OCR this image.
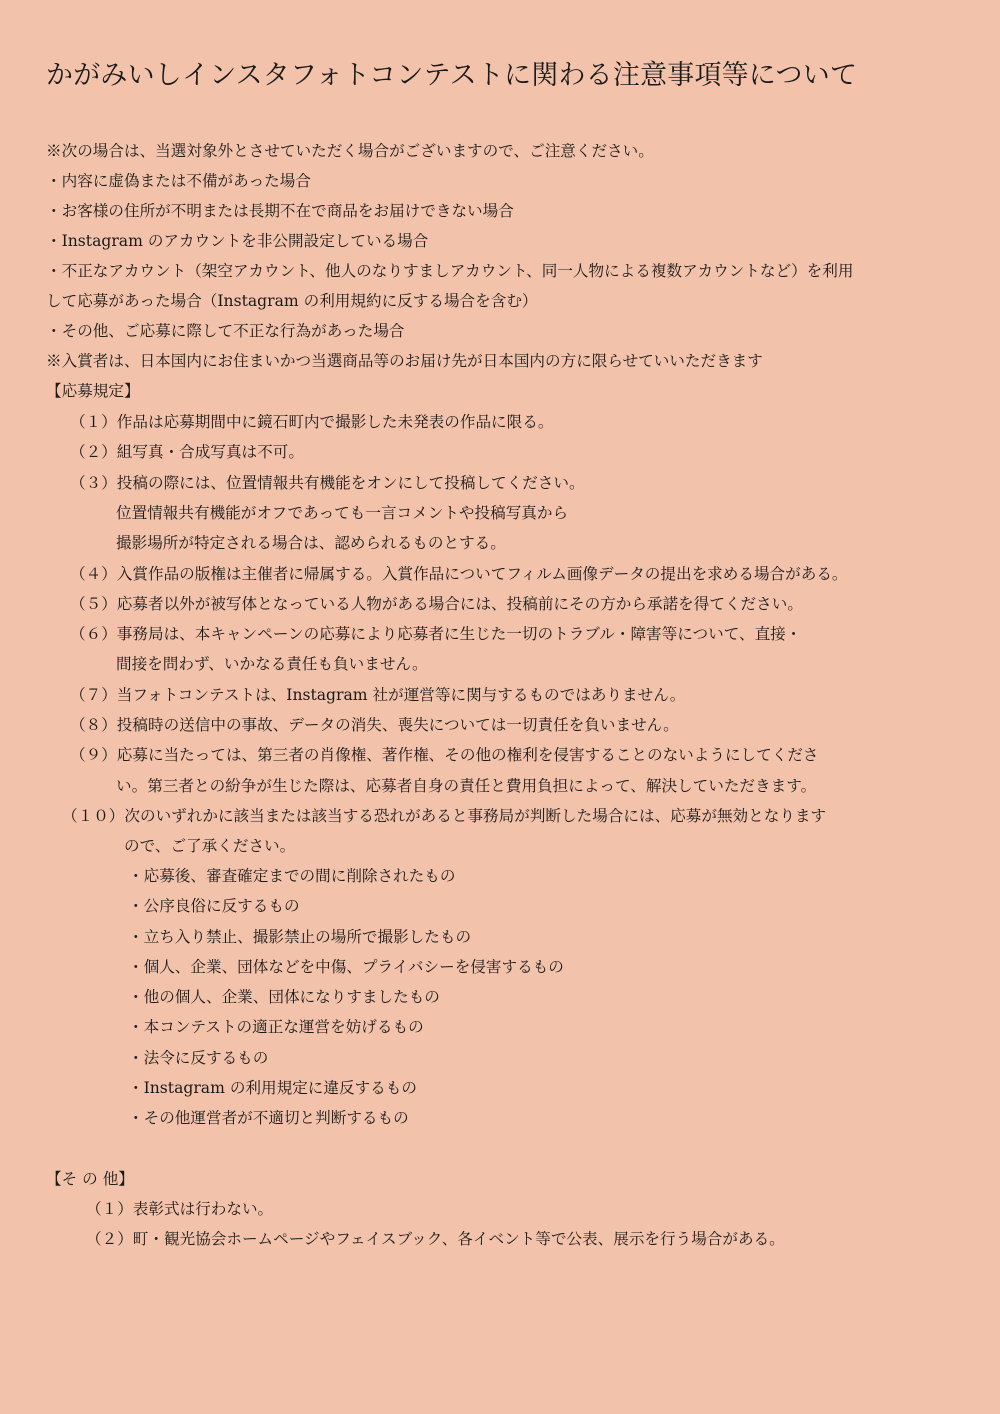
かがみいしインスタフォトコンテストに関わる注意事項等について
※次の場合は、当選対象外とさせていただく場合がございますので、ご注意ください。
・内容に虚偽または不備があった場合
・お客様の住所が不明または長期不在で商品をお届けできない場合
・Instagram のアカウントを非公開設定している場合
・不正なアカウント（架空アカウント、他人のなりすましアカウント、同一人物による複数アカウントなど）を利用
して応募があった場合（Instagram の利用規約に反する場合を含む）
・その他、ご応募に際して不正な行為があった場合
※入賞者は、日本国内にお住まいかつ当選商品等のお届け先が日本国内の方に限らせていいただきます
【応募規定】
（１）作品は応募期間中に鏡石町内で撮影した未発表の作品に限る。
（２）組写真・合成写真は不可。
（３）投稿の際には、位置情報共有機能をオンにして投稿してください。
位置情報共有機能がオフであっても一言コメントや投稿写真から
撮影場所が特定される場合は、認められるものとする。
（４）入賞作品の版権は主催者に帰属する。入賞作品についてフィルム画像データの提出を求める場合がある。
（５）応募者以外が被写体となっている人物がある場合には、投稿前にその方から承諾を得てください。
（６）事務局は、本キャンペーンの応募により応募者に生じた一切のトラブル・障害等について、直接・
間接を問わず、いかなる責任も負いません。
（７）当フォトコンテストは、Instagram 社が運営等に関与するものではありません。
（８）投稿時の送信中の事故、データの消失、喪失については一切責任を負いません。
（９）応募に当たっては、第三者の肖像権、著作権、その他の権利を侵害することのないようにしてくださ
い。第三者との紛争が生じた際は、応募者自身の責任と費用負担によって、解決していただきます。
（１０）次のいずれかに該当または該当する恐れがあると事務局が判断した場合には、応募が無効となります
ので、ご了承ください。
・応募後、審査確定までの間に削除されたもの
・公序良俗に反するもの
・立ち入り禁止、撮影禁止の場所で撮影したもの
・個人、企業、団体などを中傷、プライバシーを侵害するもの
・他の個人、企業、団体になりすましたもの
・本コンテストの適正な運営を妨げるもの
・法令に反するもの
・Instagram の利用規定に違反するもの
・その他運営者が不適切と判断するもの
【そ の 他】
（１）表彰式は行わない。
（２）町・観光協会ホームページやフェイスブック、各イベント等で公表、展示を行う場合がある。
